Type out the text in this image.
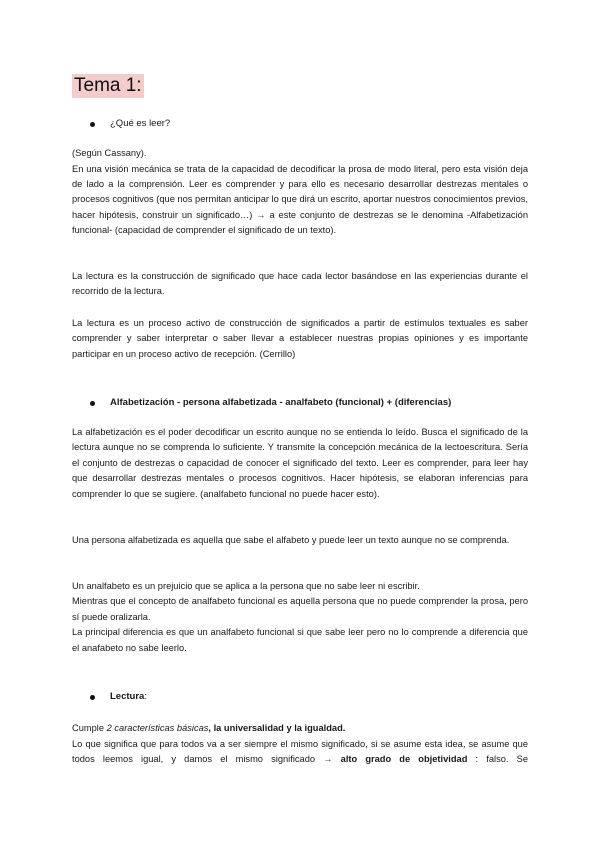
Tema 1:
¿Qué es leer?

(Según Cassany).

En una visión mecánica se trata de la capacidad de decodificar la prosa de modo literal, pero esta visión deja de lado a la comprensión. Leer es comprender y para ello es necesario desarrollar destrezas mentales o procesos cognitivos (que nos permitan anticipar lo que dirá un escrito, aportar nuestros conocimientos previos, hacer hipótesis, construir un significado…) → a este conjunto de destrezas se le denomina -Alfabetización funcional- (capacidad de comprender el significado de un texto).

La lectura es la construcción de significado que hace cada lector basándose en las experiencias durante el recorrido de la lectura.

La lectura es un proceso activo de construcción de significados a partir de estímulos textuales es saber comprender y saber interpretar o saber llevar a establecer nuestras propias opiniones y es importante participar en un proceso activo de recepción. (Cerrillo)

Alfabetización - persona alfabetizada - analfabeto (funcional) + (diferencias)

La alfabetización es el poder decodificar un escrito aunque no se entienda lo leído. Busca el significado de la lectura aunque no se comprenda lo suficiente. Y transmite la concepción mecánica de la lectoescritura. Sería el conjunto de destrezas o capacidad de conocer el significado del texto. Leer es comprender, para leer hay que desarrollar destrezas mentales o procesos cognitivos. Hacer hipótesis, se elaboran inferencias para comprender lo que se sugiere. (analfabeto funcional no puede hacer esto).

Una persona alfabetizada es aquella que sabe el alfabeto y puede leer un texto aunque no se comprenda.

Un analfabeto es un prejuicio que se aplica a la persona que no sabe leer ni escribir.
Mientras que el concepto de analfabeto funcional es aquella persona que no puede comprender la prosa, pero sí puede oralizarla.
La principal diferencia es que un analfabeto funcional si que sabe leer pero no lo comprende a diferencia que el anafabeto no sabe leerlo.

Lectura :

Cumple 2 características básicas, la universalidad y la igualdad.

Lo que significa que para todos va a ser siempre el mismo significado, si se asume esta idea, se asume que todos leemos igual, y damos el mismo significado → alto grado de objetividad : falso. Se
